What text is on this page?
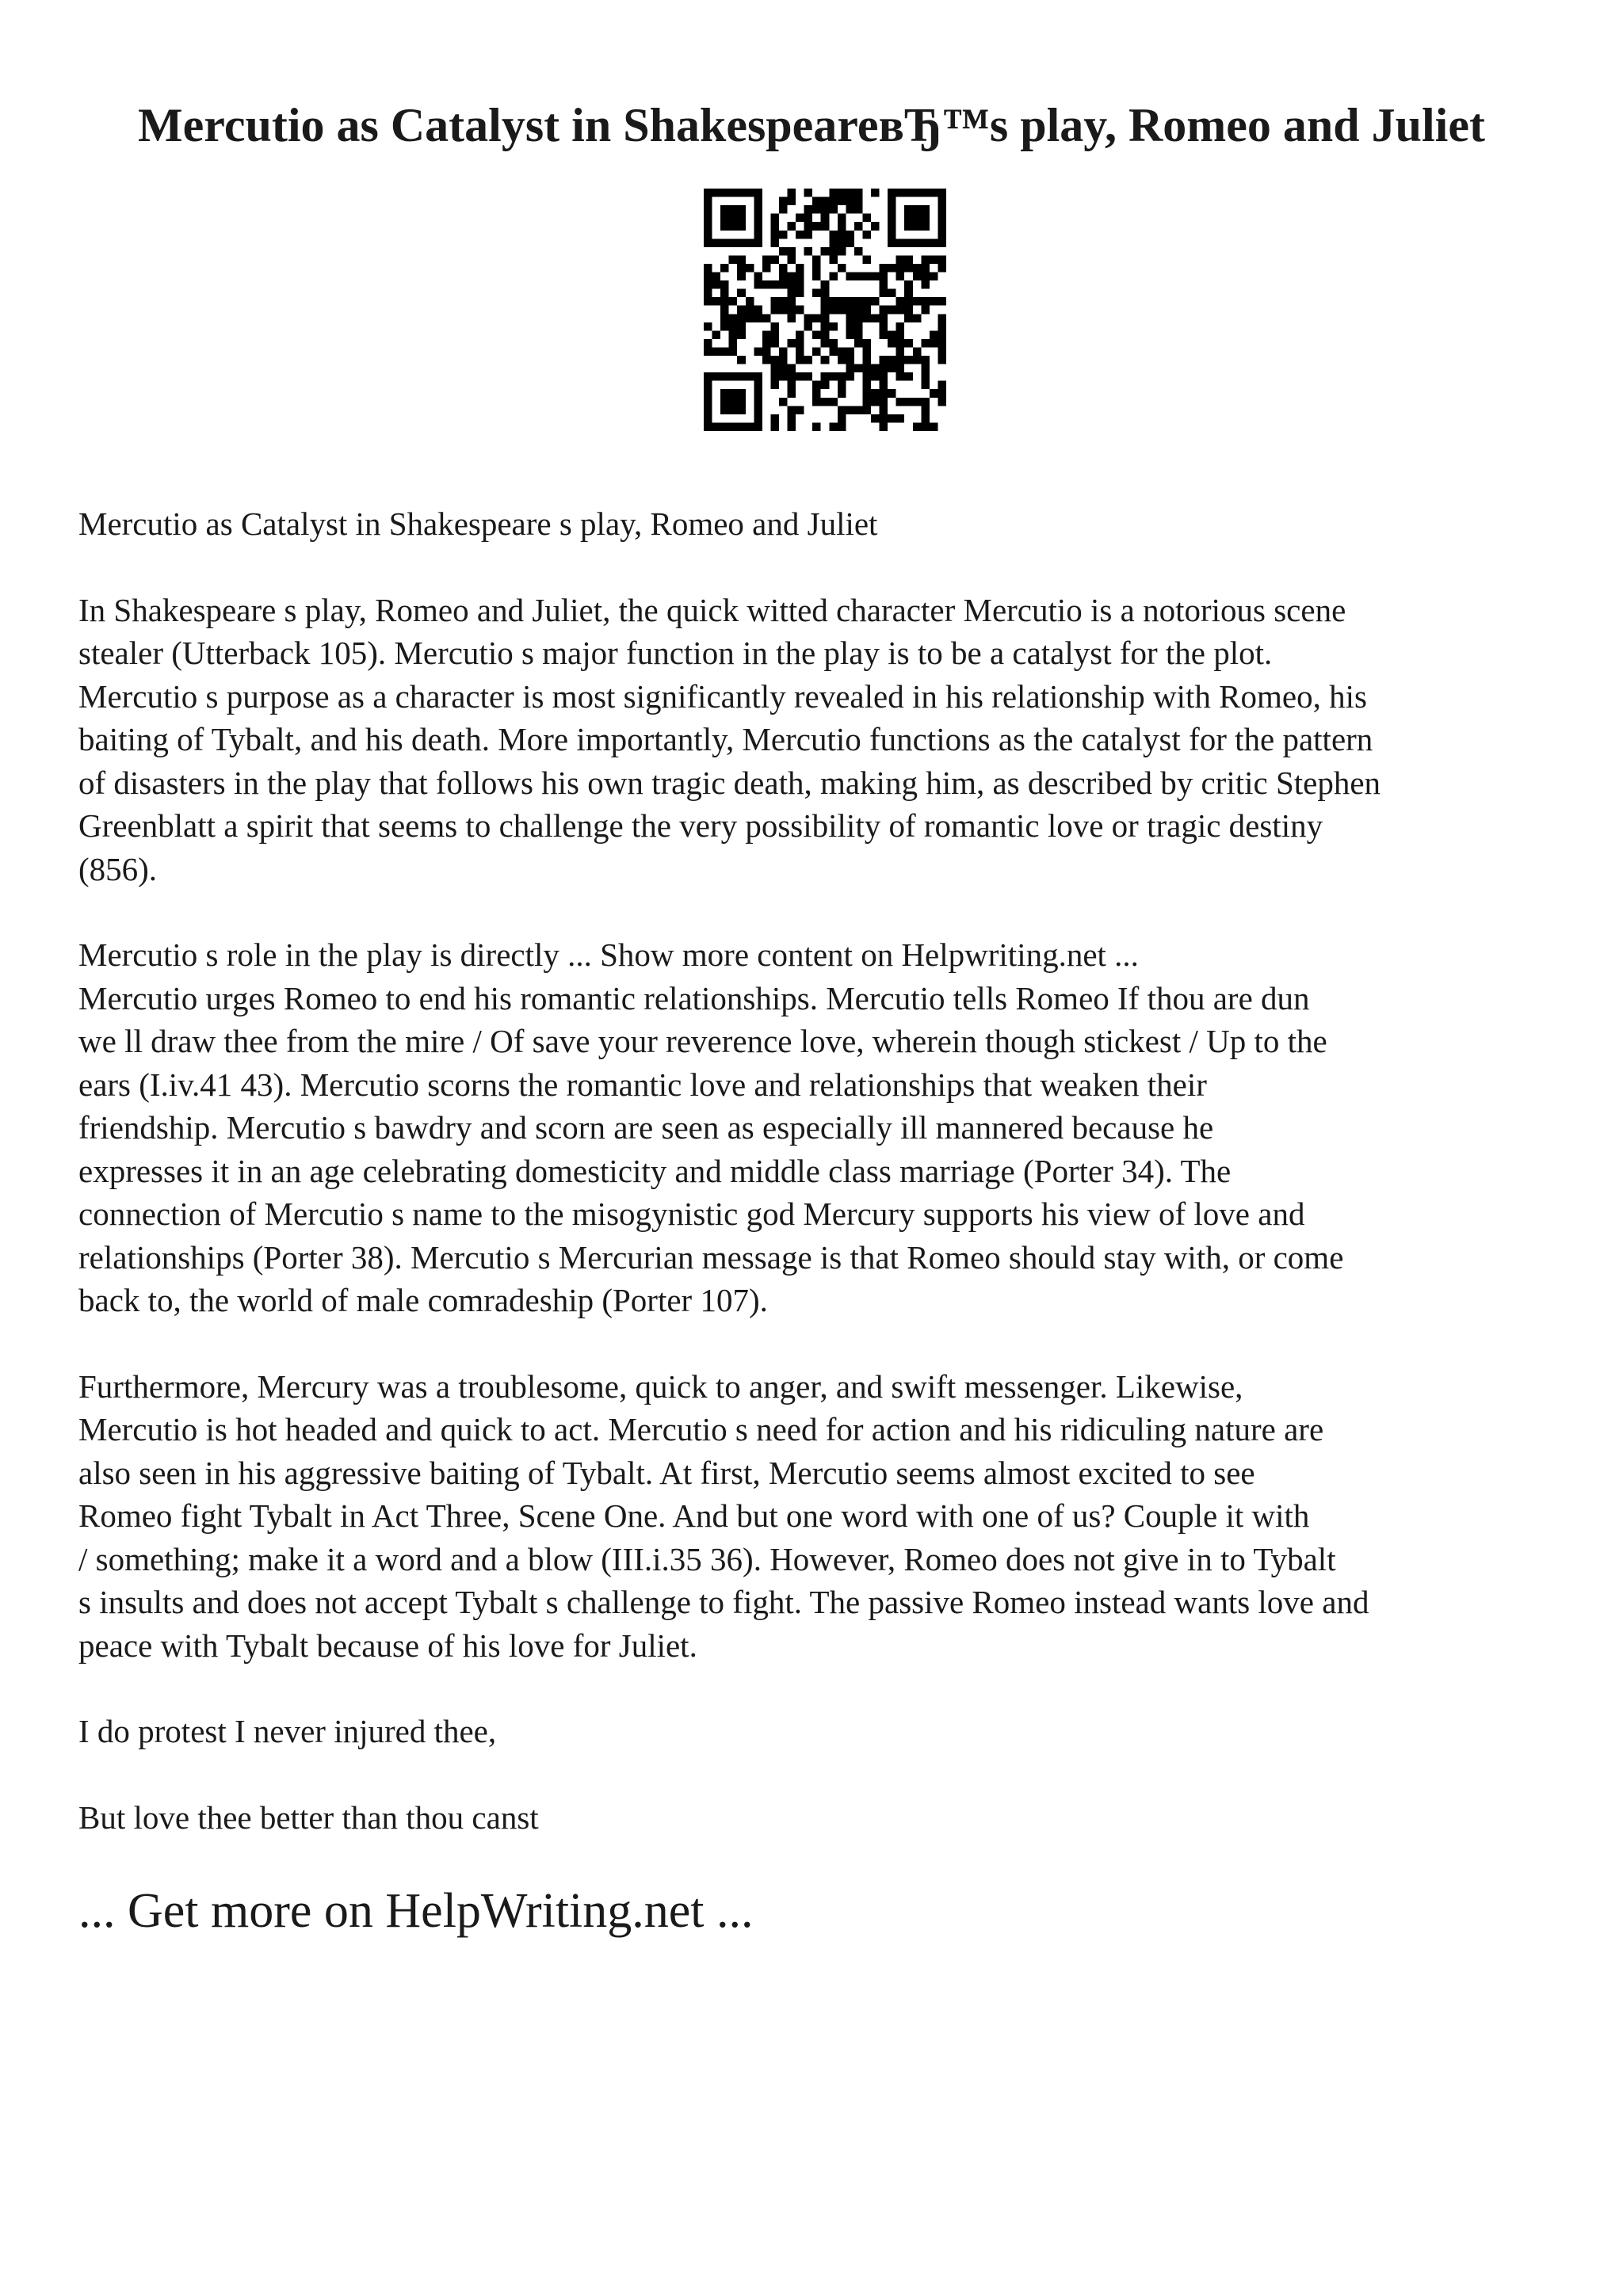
Mercutio as Catalyst in ShakespeareвЂ™s play, Romeo and Juliet

Mercutio as Catalyst in Shakespeare s play, Romeo and Juliet

In Shakespeare s play, Romeo and Juliet, the quick witted character Mercutio is a notorious scene
stealer (Utterback 105). Mercutio s major function in the play is to be a catalyst for the plot.
Mercutio s purpose as a character is most significantly revealed in his relationship with Romeo, his
baiting of Tybalt, and his death. More importantly, Mercutio functions as the catalyst for the pattern
of disasters in the play that follows his own tragic death, making him, as described by critic Stephen
Greenblatt a spirit that seems to challenge the very possibility of romantic love or tragic destiny
(856).

Mercutio s role in the play is directly ... Show more content on Helpwriting.net ...
Mercutio urges Romeo to end his romantic relationships. Mercutio tells Romeo If thou are dun
we ll draw thee from the mire / Of save your reverence love, wherein though stickest / Up to the
ears (I.iv.41 43). Mercutio scorns the romantic love and relationships that weaken their
friendship. Mercutio s bawdry and scorn are seen as especially ill mannered because he
expresses it in an age celebrating domesticity and middle class marriage (Porter 34). The
connection of Mercutio s name to the misogynistic god Mercury supports his view of love and
relationships (Porter 38). Mercutio s Mercurian message is that Romeo should stay with, or come
back to, the world of male comradeship (Porter 107).

Furthermore, Mercury was a troublesome, quick to anger, and swift messenger. Likewise,
Mercutio is hot headed and quick to act. Mercutio s need for action and his ridiculing nature are
also seen in his aggressive baiting of Tybalt. At first, Mercutio seems almost excited to see
Romeo fight Tybalt in Act Three, Scene One. And but one word with one of us? Couple it with
/ something; make it a word and a blow (III.i.35 36). However, Romeo does not give in to Tybalt
s insults and does not accept Tybalt s challenge to fight. The passive Romeo instead wants love and
peace with Tybalt because of his love for Juliet.

I do protest I never injured thee,

But love thee better than thou canst

... Get more on HelpWriting.net ...
